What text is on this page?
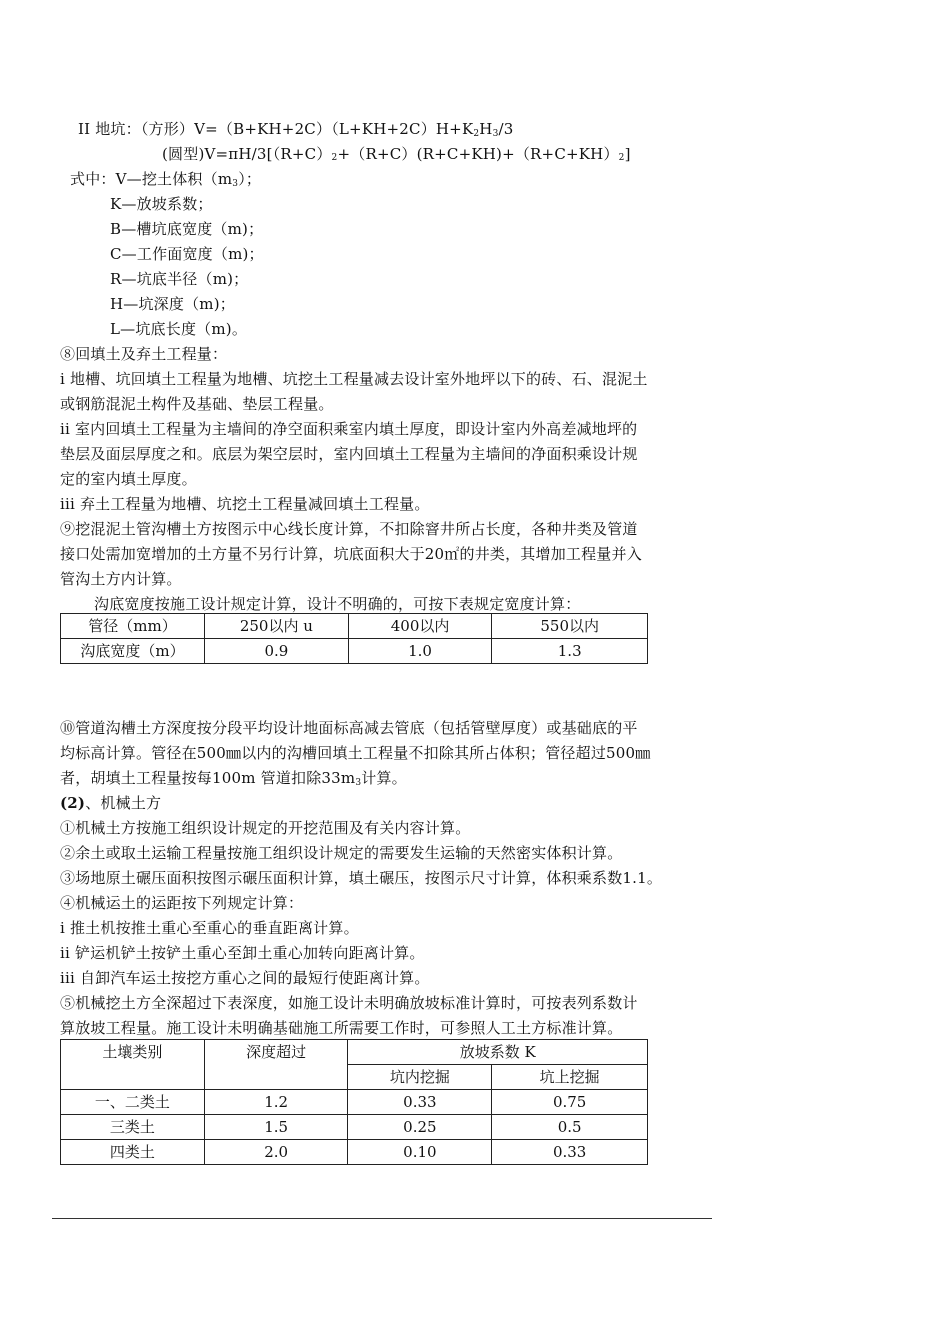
II 地坑：（方形）$V=(B+KH+2C)(L+KH+2C)H+K_2H_3/3$
(圆型)V=πH/3[（R+C）2+（R+C）(R+C+KH)+（R+C+KH）2]
式中：V—挖土体积$(m_3)$；
K—放坡系数；
B—槽坑底宽度（m)；
C—工作面宽度（m)；
R—坑底半径（m)；
H—坑深度（m)；
L—坑底长度（m)。
⑧回填土及弃土工程量：
i 地槽、坑回填土工程量为地槽、坑挖土工程量减去设计室外地坪以下的砖、石、混泥土
或钢筋混泥土构件及基础、垫层工程量。
ii 室内回填土工程量为主墙间的净空面积乘室内填土厚度，即设计室内外高差减地坪的
垫层及面层厚度之和。底层为架空层时，室内回填土工程量为主墙间的净面积乘设计规
定的室内填土厚度。
iii 弃土工程量为地槽、坑挖土工程量减回填土工程量。
⑨挖混泥土管沟槽土方按图示中心线长度计算，不扣除窨井所占长度，各种井类及管道
接口处需加宽增加的土方量不另行计算，坑底面积大于20㎡的井类，其增加工程量并入
管沟土方内计算。
沟底宽度按施工设计规定计算，设计不明确的，可按下表规定宽度计算：
管径（mm）	250以内 u	400以内	550以内
沟底宽度（m）	0.9	1.0	1.3
⑩管道沟槽土方深度按分段平均设计地面标高减去管底（包括管壁厚度）或基础底的平
均标高计算。管径在500㎜以内的沟槽回填土工程量不扣除其所占体积；管径超过500㎜
者，胡填土工程量按每100m 管道扣除$33m_3$计算。
(2)、机械土方
①机械土方按施工组织设计规定的开挖范围及有关内容计算。
②余土或取土运输工程量按施工组织设计规定的需要发生运输的天然密实体积计算。
③场地原土碾压面积按图示碾压面积计算，填土碾压，按图示尺寸计算，体积乘系数1.1。
④机械运土的运距按下列规定计算：
i 推土机按推土重心至重心的垂直距离计算。
ii 铲运机铲土按铲土重心至卸土重心加转向距离计算。
iii 自卸汽车运土按挖方重心之间的最短行使距离计算。
⑤机械挖土方全深超过下表深度，如施工设计未明确放坡标准计算时，可按表列系数计
算放坡工程量。施工设计未明确基础施工所需要工作时，可参照人工土方标准计算。
土壤类别	深度超过	放坡系数 K	
		坑内挖掘	坑上挖掘
一、二类土	1.2	0.33	0.75
三类土	1.5	0.25	0.5
四类土	2.0	0.10	0.33
